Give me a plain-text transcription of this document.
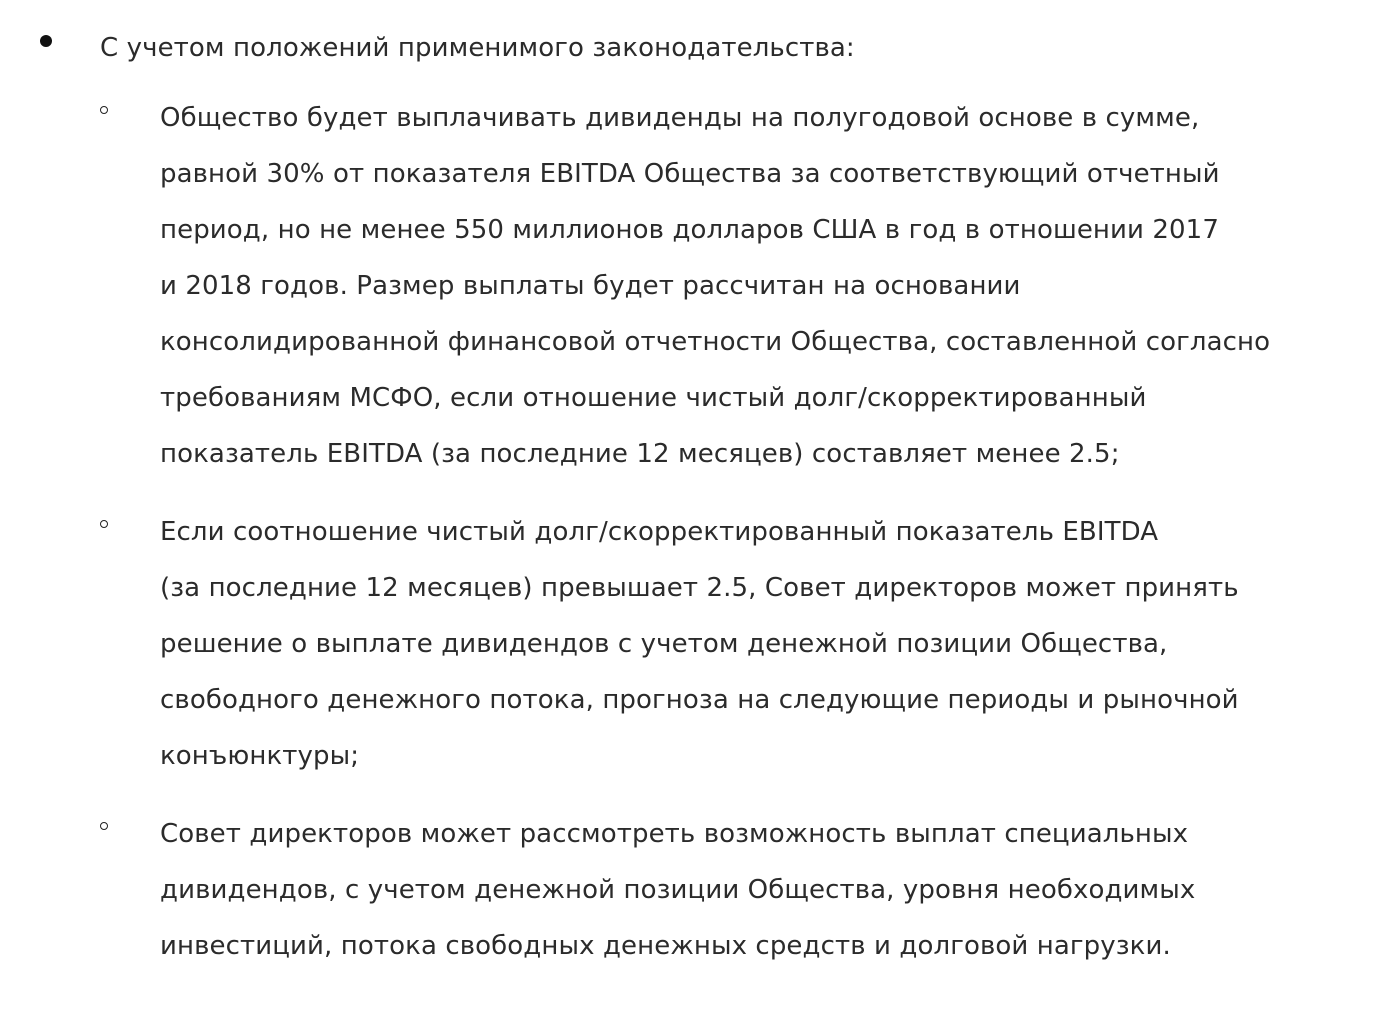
С учетом положений применимого законодательства:
Общество будет выплачивать дивиденды на полугодовой основе в сумме,
равной 30% от показателя EBITDA Общества за соответствующий отчетный
период, но не менее 550 миллионов долларов США в год в отношении 2017
и 2018 годов. Размер выплаты будет рассчитан на основании
консолидированной финансовой отчетности Общества, составленной согласно
требованиям МСФО, если отношение чистый долг/скорректированный
показатель EBITDA (за последние 12 месяцев) составляет менее 2.5;
Если соотношение чистый долг/скорректированный показатель EBITDA
(за последние 12 месяцев) превышает 2.5, Совет директоров может принять
решение о выплате дивидендов с учетом денежной позиции Общества,
свободного денежного потока, прогноза на следующие периоды и рыночной
конъюнктуры;
Совет директоров может рассмотреть возможность выплат специальных
дивидендов, с учетом денежной позиции Общества, уровня необходимых
инвестиций, потока свободных денежных средств и долговой нагрузки.
